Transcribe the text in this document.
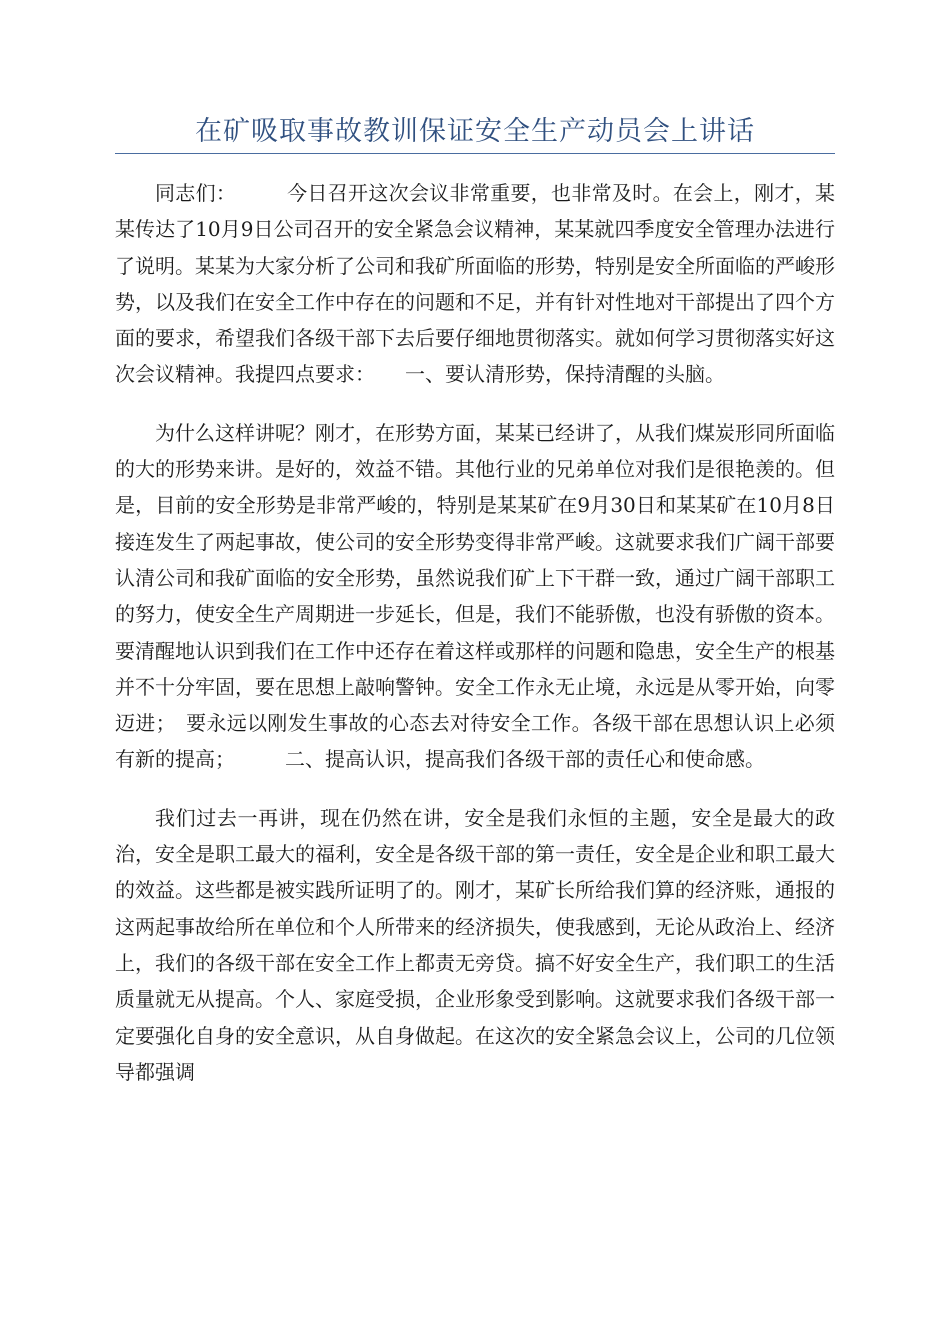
在矿吸取事故教训保证安全生产动员会上讲话

同志们：　　　今日召开这次会议非常重要，也非常及时。在会上，刚才，某某传达了10月9日公司召开的安全紧急会议精神，某某就四季度安全管理办法进行了说明。某某为大家分析了公司和我矿所面临的形势，特别是安全所面临的严峻形势，以及我们在安全工作中存在的问题和不足，并有针对性地对干部提出了四个方面的要求，希望我们各级干部下去后要仔细地贯彻落实。就如何学习贯彻落实好这次会议精神。我提四点要求：　　一、要认清形势，保持清醒的头脑。

为什么这样讲呢？刚才，在形势方面，某某已经讲了，从我们煤炭形同所面临的大的形势来讲。是好的，效益不错。其他行业的兄弟单位对我们是很艳羡的。但是，目前的安全形势是非常严峻的，特别是某某矿在9月30日和某某矿在10月8日接连发生了两起事故，使公司的安全形势变得非常严峻。这就要求我们广阔干部要认清公司和我矿面临的安全形势，虽然说我们矿上下干群一致，通过广阔干部职工的努力，使安全生产周期进一步延长，但是，我们不能骄傲，也没有骄傲的资本。要清醒地认识到我们在工作中还存在着这样或那样的问题和隐患，安全生产的根基并不十分牢固，要在思想上敲响警钟。安全工作永无止境，永远是从零开始，向零迈进；　要永远以刚发生事故的心态去对待安全工作。各级干部在思想认识上必须有新的提高；　　　二、提高认识，提高我们各级干部的责任心和使命感。

我们过去一再讲，现在仍然在讲，安全是我们永恒的主题，安全是最大的政治，安全是职工最大的福利，安全是各级干部的第一责任，安全是企业和职工最大的效益。这些都是被实践所证明了的。刚才，某矿长所给我们算的经济账，通报的这两起事故给所在单位和个人所带来的经济损失，使我感到，无论从政治上、经济上，我们的各级干部在安全工作上都责无旁贷。搞不好安全生产，我们职工的生活质量就无从提高。个人、家庭受损，企业形象受到影响。这就要求我们各级干部一定要强化自身的安全意识，从自身做起。在这次的安全紧急会议上，公司的几位领导都强调
